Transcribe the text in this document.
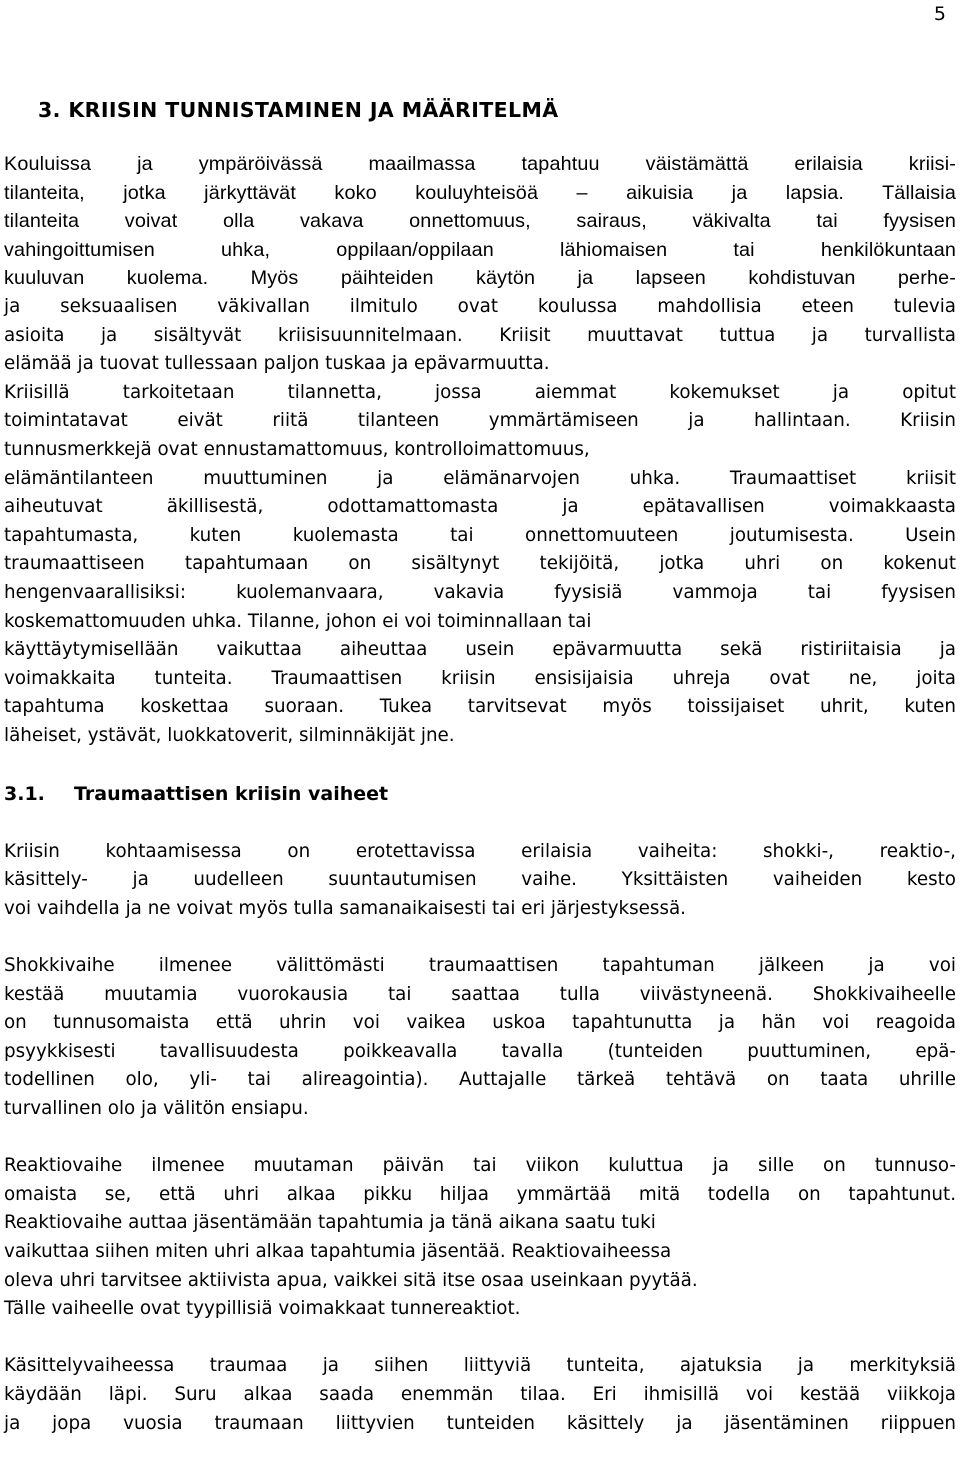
5
3. KRIISIN TUNNISTAMINEN JA MÄÄRITELMÄ

Kouluissa ja ympäröivässä maailmassa tapahtuu väistämättä erilaisia kriisi-
tilanteita, jotka järkyttävät koko kouluyhteisöä – aikuisia ja lapsia. Tällaisia
tilanteita voivat olla vakava onnettomuus, sairaus, väkivalta tai fyysisen
vahingoittumisen uhka, oppilaan/oppilaan lähiomaisen tai henkilökuntaan
kuuluvan kuolema. Myös päihteiden käytön ja lapseen kohdistuvan perhe-
ja seksuaalisen väkivallan ilmitulo ovat koulussa mahdollisia eteen tulevia
asioita ja sisältyvät kriisisuunnitelmaan. Kriisit muuttavat tuttua ja turvallista
elämää ja tuovat tullessaan paljon tuskaa ja epävarmuutta.
Kriisillä tarkoitetaan tilannetta, jossa aiemmat kokemukset ja opitut
toimintatavat eivät riitä tilanteen ymmärtämiseen ja hallintaan. Kriisin
tunnusmerkkejä ovat ennustamattomuus, kontrolloimattomuus,
elämäntilanteen muuttuminen ja elämänarvojen uhka. Traumaattiset kriisit
aiheutuvat äkillisestä, odottamattomasta ja epätavallisen voimakkaasta
tapahtumasta, kuten kuolemasta tai onnettomuuteen joutumisesta. Usein
traumaattiseen tapahtumaan on sisältynyt tekijöitä, jotka uhri on kokenut
hengenvaarallisiksi: kuolemanvaara, vakavia fyysisiä vammoja tai fyysisen
koskemattomuuden uhka. Tilanne, johon ei voi toiminnallaan tai
käyttäytymisellään vaikuttaa aiheuttaa usein epävarmuutta sekä ristiriitaisia ja
voimakkaita tunteita. Traumaattisen kriisin ensisijaisia uhreja ovat ne, joita
tapahtuma koskettaa suoraan. Tukea tarvitsevat myös toissijaiset uhrit, kuten
läheiset, ystävät, luokkatoverit, silminnäkijät jne.

3.1.	Traumaattisen kriisin vaiheet

Kriisin kohtaamisessa on erotettavissa erilaisia vaiheita: shokki-, reaktio-,
käsittely- ja uudelleen suuntautumisen vaihe. Yksittäisten vaiheiden kesto
voi vaihdella ja ne voivat myös tulla samanaikaisesti tai eri järjestyksessä.

Shokkivaihe ilmenee välittömästi traumaattisen tapahtuman jälkeen ja voi
kestää muutamia vuorokausia tai saattaa tulla viivästyneenä. Shokkivaiheelle
on tunnusomaista että uhrin voi vaikea uskoa tapahtunutta ja hän voi reagoida
psyykkisesti tavallisuudesta poikkeavalla tavalla (tunteiden puuttuminen, epä-
todellinen olo, yli- tai alireagointia). Auttajalle tärkeä tehtävä on taata uhrille
turvallinen olo ja välitön ensiapu.

Reaktiovaihe ilmenee muutaman päivän tai viikon kuluttua ja sille on tunnuso-
omaista se, että uhri alkaa pikku hiljaa ymmärtää mitä todella on tapahtunut.
Reaktiovaihe auttaa jäsentämään tapahtumia ja tänä aikana saatu tuki
vaikuttaa siihen miten uhri alkaa tapahtumia jäsentää. Reaktiovaiheessa
oleva uhri tarvitsee aktiivista apua, vaikkei sitä itse osaa useinkaan pyytää.
Tälle vaiheelle ovat tyypillisiä voimakkaat tunnereaktiot.

Käsittelyvaiheessa traumaa ja siihen liittyviä tunteita, ajatuksia ja merkityksiä
käydään läpi. Suru alkaa saada enemmän tilaa. Eri ihmisillä voi kestää viikkoja
ja jopa vuosia traumaan liittyvien tunteiden käsittely ja jäsentäminen riippuen
